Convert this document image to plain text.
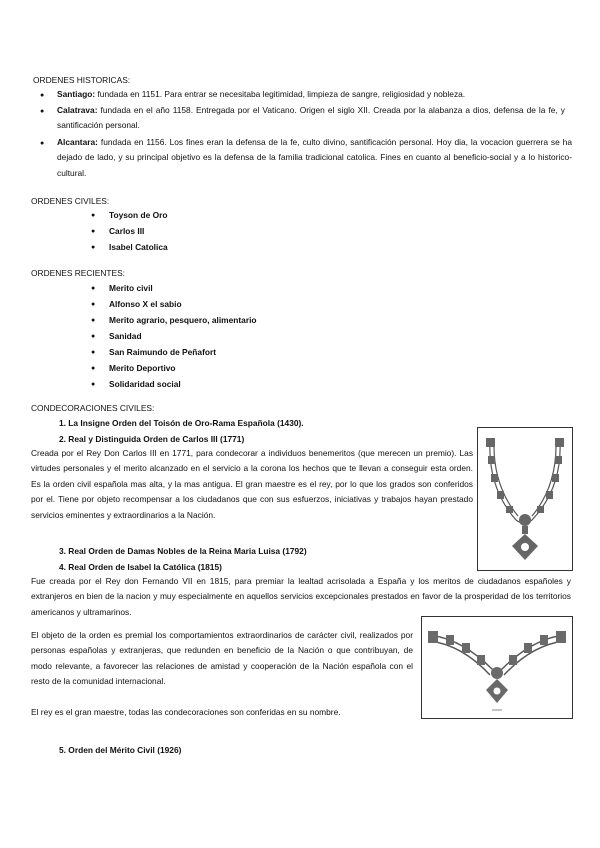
ORDENES HISTORICAS:
● Santiago: fundada en 1151. Para entrar se necesitaba legitimidad, limpieza de sangre, religiosidad y nobleza.
● Calatrava: fundada en el año 1158. Entregada por el Vaticano. Origen el siglo XII. Creada por la alabanza a dios, defensa de la fe, y santificación personal.
● Alcantara: fundada en 1156. Los fines eran la defensa de la fe, culto divino, santificación personal. Hoy dia, la vocacion guerrera se ha dejado de lado, y su principal objetivo es la defensa de la familia tradicional catolica. Fines en cuanto al beneficio-social y a lo historico-cultural.
ORDENES CIVILES:
● Toyson de Oro
● Carlos III
● Isabel Catolica
ORDENES RECIENTES:
● Merito civil
● Alfonso X el sabio
● Merito agrario, pesquero, alimentario
● Sanidad
● San Raimundo de Peñafort
● Merito Deportivo
● Solidaridad social
CONDECORACIONES CIVILES:
1. La Insigne Orden del Toisón de Oro-Rama Española (1430).
2. Real y Distinguida Orden de Carlos III (1771)
Creada por el Rey Don Carlos III en 1771, para condecorar a individuos benemeritos (que merecen un premio). Las virtudes personales y el merito alcanzado en el servicio a la corona los hechos que te llevan a conseguir esta orden. Es la orden civil española mas alta, y la mas antigua. El gran maestre es el rey, por lo que los grados son conferidos por el. Tiene por objeto recompensar a los ciudadanos que con sus esfuerzos, iniciativas y trabajos hayan prestado servicios eminentes y extraordinarios a la Nación.
3. Real Orden de Damas Nobles de la Reina Maria Luisa (1792)
4. Real Orden de Isabel la Católica (1815)
Fue creada por el Rey don Fernando VII en 1815, para premiar la lealtad acrisolada a España y los meritos de ciudadanos españoles y extranjeros en bien de la nacion y muy especialmente en aquellos servicios excepcionales prestados en favor de la prosperidad de los territorios americanos y ultramarinos.
El objeto de la orden es premial los comportamientos extraordinarios de carácter civil, realizados por personas españolas y extranjeras, que redunden en beneficio de la Nación o que contribuyan, de modo relevante, a favorecer las relaciones de amistad y cooperación de la Nación española con el resto de la comunidad internacional.
El rey es el gran maestre, todas las condecoraciones son conferidas en su nombre.
5. Orden del Mérito Civil (1926)
